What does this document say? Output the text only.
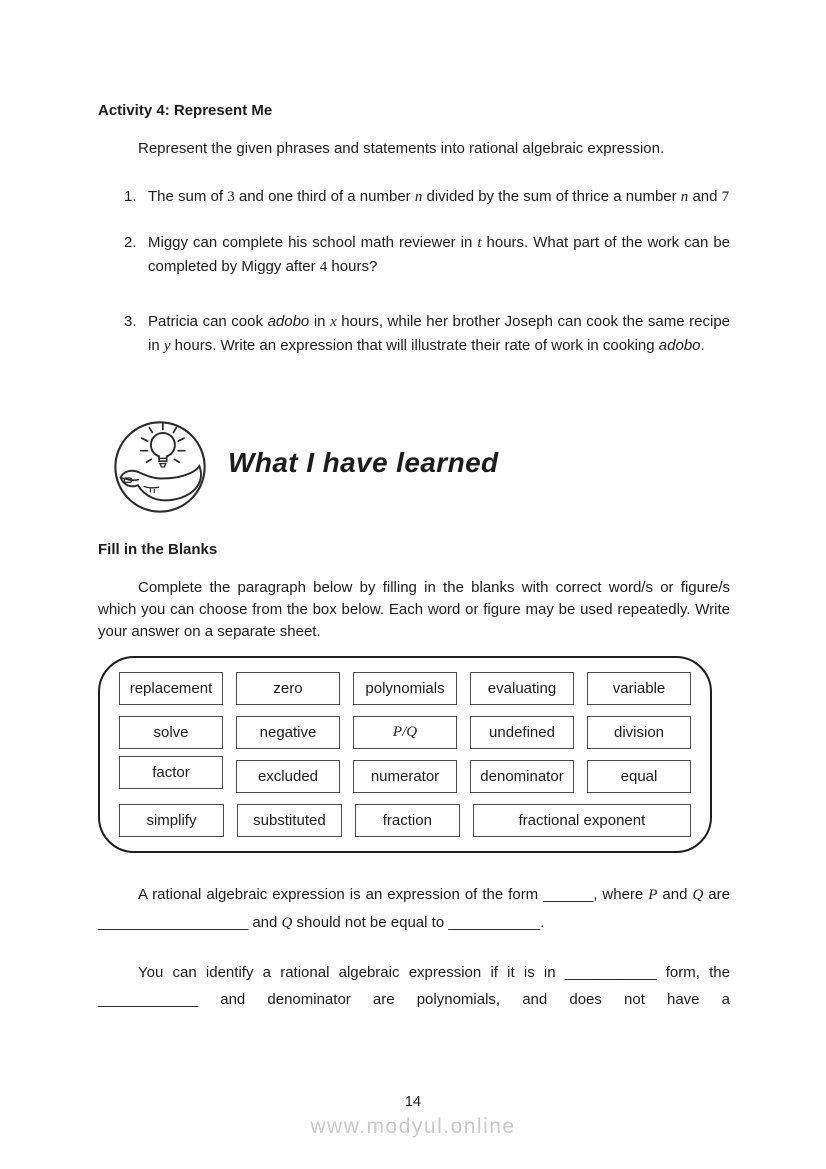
Activity 4: Represent Me

Represent the given phrases and statements into rational algebraic expression.

1. The sum of 3 and one third of a number n divided by the sum of thrice a number n and 7
2. Miggy can complete his school math reviewer in t hours. What part of the work can be completed by Miggy after 4 hours?
3. Patricia can cook adobo in x hours, while her brother Joseph can cook the same recipe in y hours. Write an expression that will illustrate their rate of work in cooking adobo.
What I have learned
Fill in the Blanks

Complete the paragraph below by filling in the blanks with correct word/s or figure/s which you can choose from the box below. Each word or figure may be used repeatedly. Write your answer on a separate sheet.

replacement	zero	polynomials	evaluating	variable
solve	negative	P/Q	undefined	division
factor	excluded	numerator	denominator	equal
simplify	substituted	fraction	fractional exponent

A rational algebraic expression is an expression of the form ______, where P and Q are __________________ and Q should not be equal to ___________.

You can identify a rational algebraic expression if it is in ___________ form, the ____________ and denominator are polynomials, and does not have a

14
www.modyul.online
